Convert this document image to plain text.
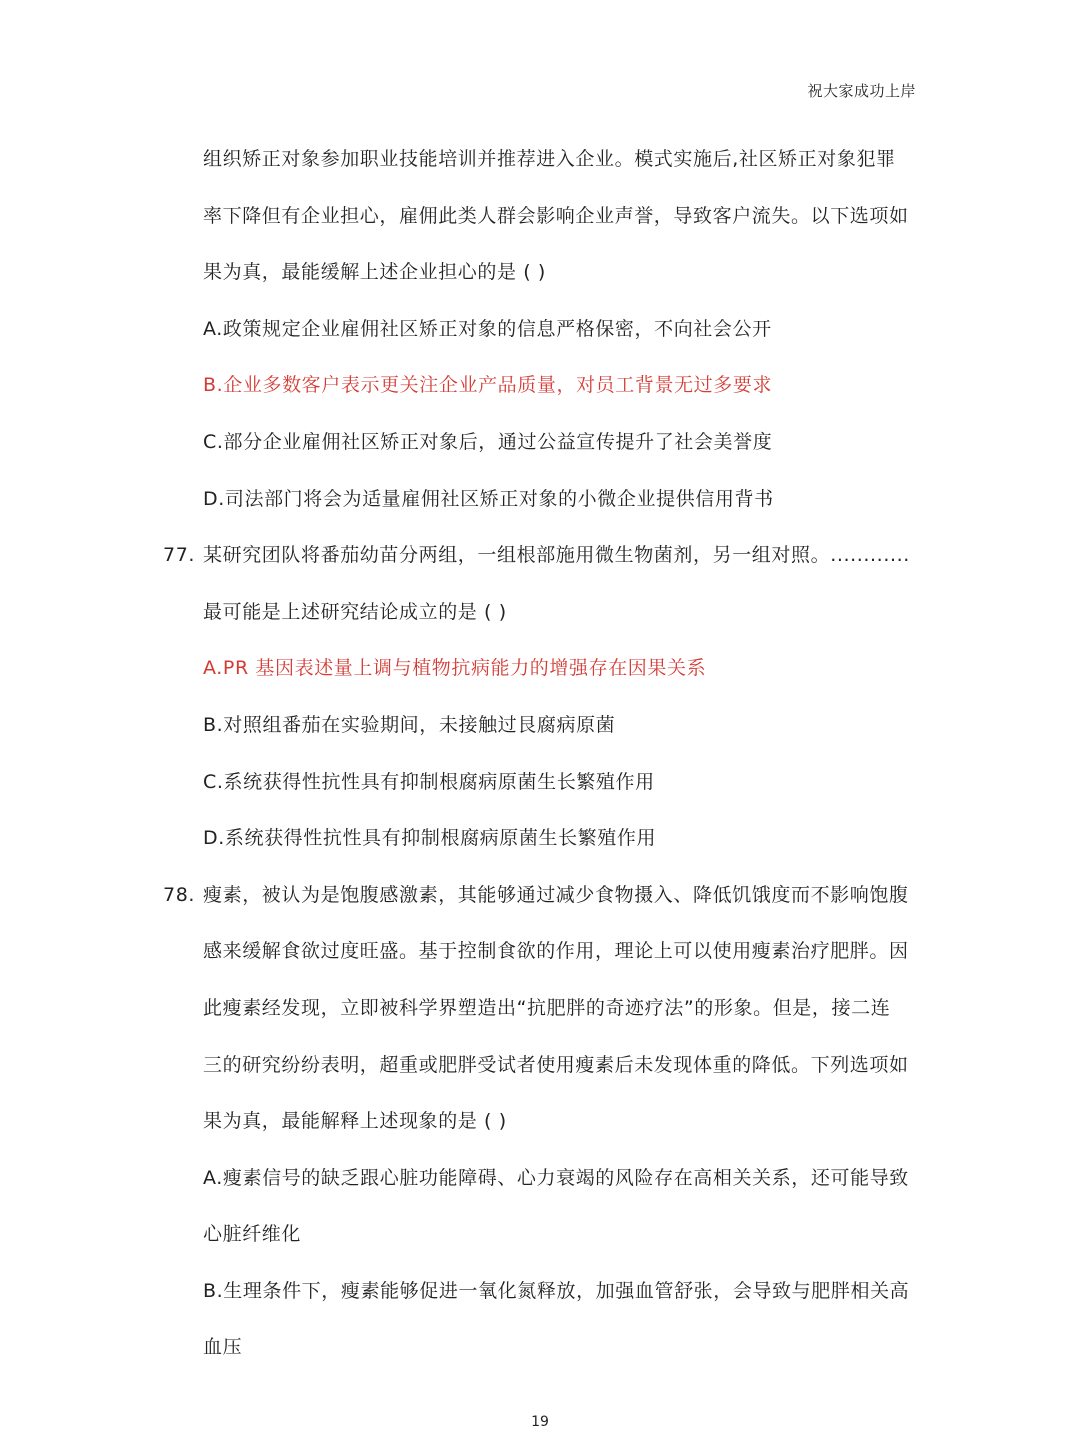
祝大家成功上岸
组织矫正对象参加职业技能培训并推荐进入企业。模式实施后,社区矫正对象犯罪
率下降但有企业担心，雇佣此类人群会影响企业声誉，导致客户流失。以下选项如
果为真，最能缓解上述企业担心的是 ( )
A.政策规定企业雇佣社区矫正对象的信息严格保密，不向社会公开
B.企业多数客户表示更关注企业产品质量，对员工背景无过多要求
C.部分企业雇佣社区矫正对象后，通过公益宣传提升了社会美誉度
D.司法部门将会为适量雇佣社区矫正对象的小微企业提供信用背书
77. 某研究团队将番茄幼苗分两组，一组根部施用微生物菌剂，另一组对照。............
最可能是上述研究结论成立的是 ( )
A.PR 基因表述量上调与植物抗病能力的增强存在因果关系
B.对照组番茄在实验期间，未接触过艮腐病原菌
C.系统获得性抗性具有抑制根腐病原菌生长繁殖作用
D.系统获得性抗性具有抑制根腐病原菌生长繁殖作用
78. 瘦素，被认为是饱腹感激素，其能够通过减少食物摄入、降低饥饿度而不影响饱腹
感来缓解食欲过度旺盛。基于控制食欲的作用，理论上可以使用瘦素治疗肥胖。因
此瘦素经发现，立即被科学界塑造出“抗肥胖的奇迹疗法”的形象。但是，接二连
三的研究纷纷表明，超重或肥胖受试者使用瘦素后未发现体重的降低。下列选项如
果为真，最能解释上述现象的是 ( )
A.瘦素信号的缺乏跟心脏功能障碍、心力衰竭的风险存在高相关关系，还可能导致
心脏纤维化
B.生理条件下，瘦素能够促进一氧化氮释放，加强血管舒张，会导致与肥胖相关高
血压
19
